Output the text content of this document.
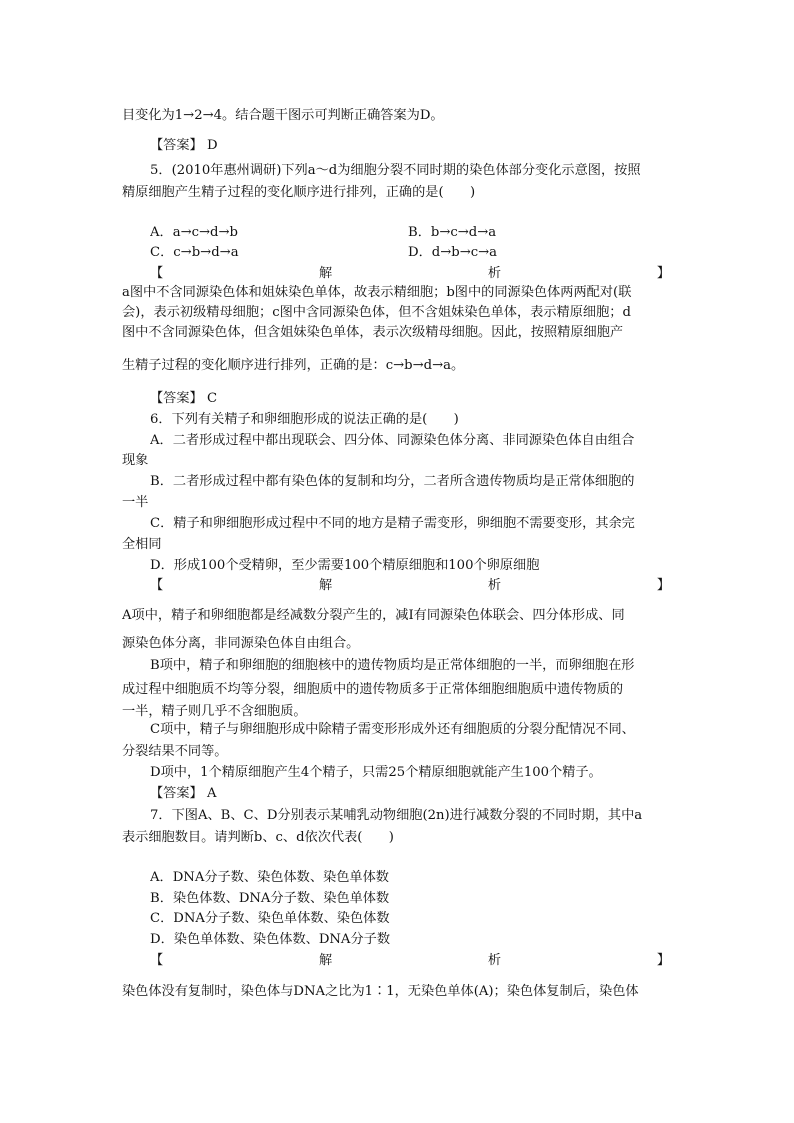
目变化为1→2→4。结合题干图示可判断正确答案为D。
【答案】 D
5．(2010年惠州调研)下列a～d为细胞分裂不同时期的染色体部分变化示意图，按照
精原细胞产生精子过程的变化顺序进行排列，正确的是(　　)
A．a→c→d→b	B．b→c→d→a
C．c→b→d→a	D．d→b→c→a
【	解	析	】
a图中不含同源染色体和姐妹染色单体，故表示精细胞；b图中的同源染色体两两配对(联
会)，表示初级精母细胞；c图中含同源染色体，但不含姐妹染色单体，表示精原细胞；d
图中不含同源染色体，但含姐妹染色单体，表示次级精母细胞。因此，按照精原细胞产
生精子过程的变化顺序进行排列，正确的是：c→b→d→a。
【答案】 C
6．下列有关精子和卵细胞形成的说法正确的是(　　)
A．二者形成过程中都出现联会、四分体、同源染色体分离、非同源染色体自由组合
现象
B．二者形成过程中都有染色体的复制和均分，二者所含遗传物质均是正常体细胞的
一半
C．精子和卵细胞形成过程中不同的地方是精子需变形，卵细胞不需要变形，其余完
全相同
D．形成100个受精卵，至少需要100个精原细胞和100个卵原细胞
【	解	析	】
A项中，精子和卵细胞都是经减数分裂产生的，减Ⅰ有同源染色体联会、四分体形成、同
源染色体分离，非同源染色体自由组合。
B项中，精子和卵细胞的细胞核中的遗传物质均是正常体细胞的一半，而卵细胞在形
成过程中细胞质不均等分裂，细胞质中的遗传物质多于正常体细胞细胞质中遗传物质的
一半，精子则几乎不含细胞质。
C项中，精子与卵细胞形成中除精子需变形形成外还有细胞质的分裂分配情况不同、
分裂结果不同等。
D项中，1个精原细胞产生4个精子，只需25个精原细胞就能产生100个精子。
【答案】 A
7．下图A、B、C、D分别表示某哺乳动物细胞(2n)进行减数分裂的不同时期，其中a
表示细胞数目。请判断b、c、d依次代表(　　)
A．DNA分子数、染色体数、染色单体数
B．染色体数、DNA分子数、染色单体数
C．DNA分子数、染色单体数、染色体数
D．染色单体数、染色体数、DNA分子数
【	解	析	】
染色体没有复制时，染色体与DNA之比为1∶1，无染色单体(A)；染色体复制后，染色体
